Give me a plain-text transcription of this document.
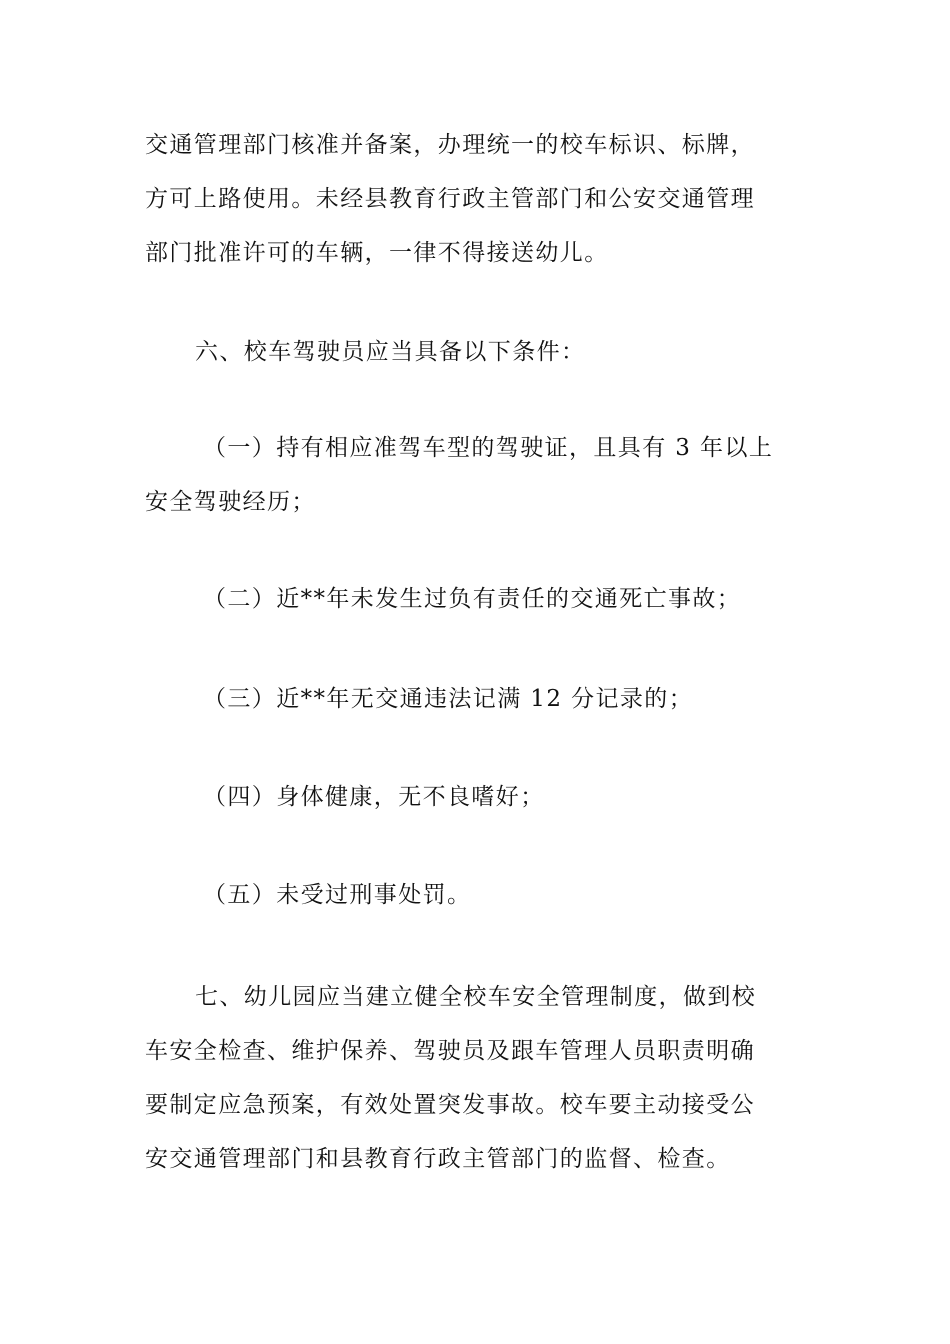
交通管理部门核准并备案，办理统一的校车标识、标牌，
方可上路使用。未经县教育行政主管部门和公安交通管理
部门批准许可的车辆，一律不得接送幼儿。
六、校车驾驶员应当具备以下条件：
（一）持有相应准驾车型的驾驶证，且具有 3 年以上
安全驾驶经历；
（二）近**年未发生过负有责任的交通死亡事故；
（三）近**年无交通违法记满 12 分记录的；
（四）身体健康，无不良嗜好；
（五）未受过刑事处罚。
七、幼儿园应当建立健全校车安全管理制度，做到校
车安全检查、维护保养、驾驶员及跟车管理人员职责明确
要制定应急预案，有效处置突发事故。校车要主动接受公
安交通管理部门和县教育行政主管部门的监督、检查。
